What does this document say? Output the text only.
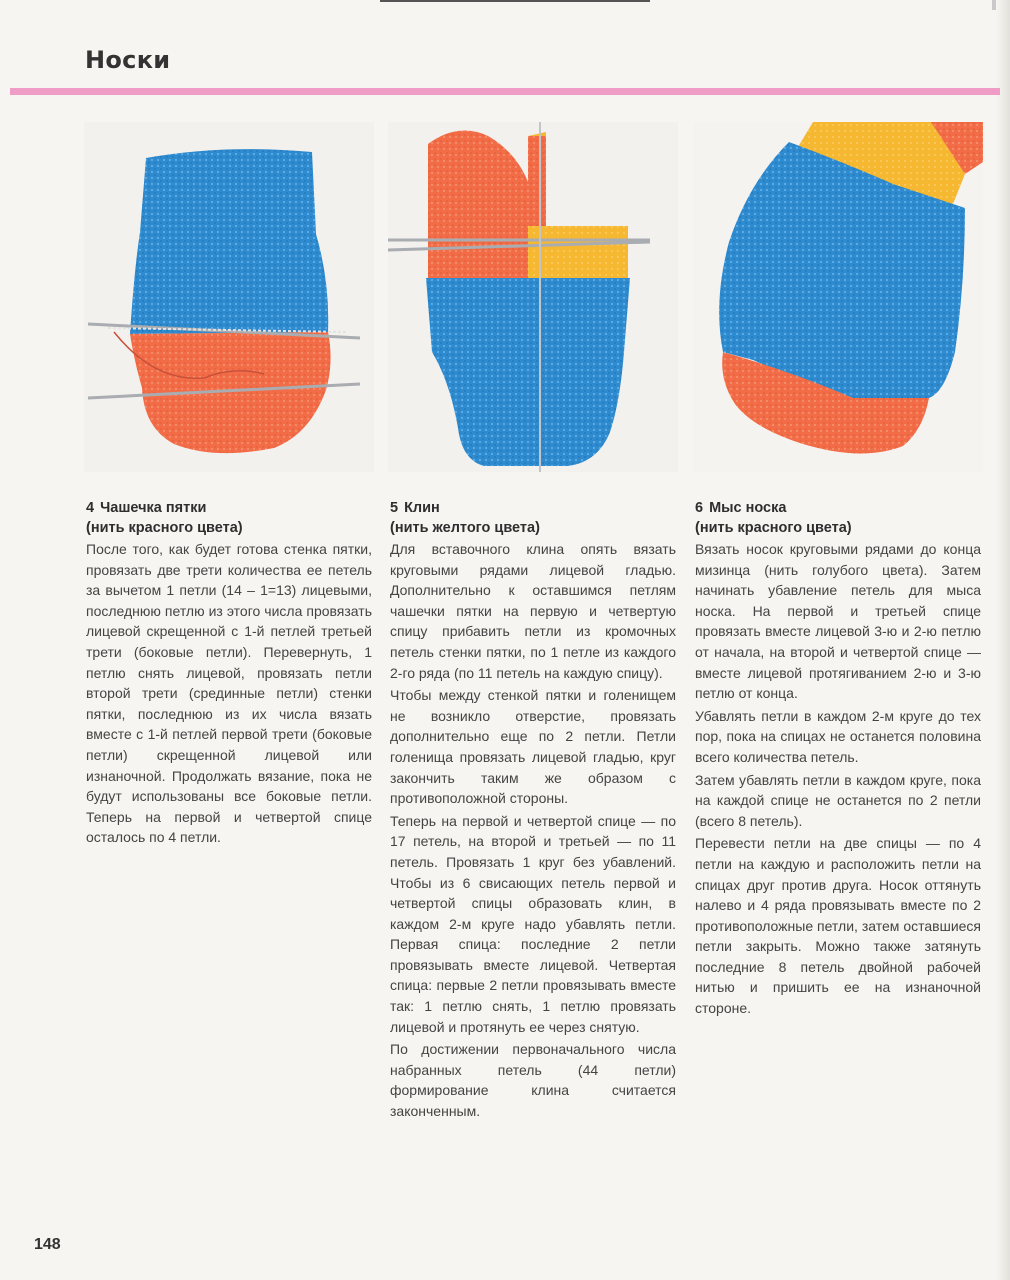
Носки
4 Чашечка пятки
(нить красного цвета)

После того, как будет готова стенка пятки, провязать две трети количества ее петель за вычетом 1 петли (14 – 1=13) лицевыми, последнюю петлю из этого числа провязать лицевой скрещенной с 1-й петлей третьей трети (боковые петли). Перевернуть, 1 петлю снять лицевой, провязать петли второй трети (срединные петли) стенки пятки, последнюю из их числа вязать вместе с 1-й петлей первой трети (боковые петли) скрещенной лицевой или изнаночной. Продолжать вязание, пока не будут использованы все боковые петли. Теперь на первой и четвертой спице осталось по 4 петли.

5 Клин
(нить желтого цвета)

Для вставочного клина опять вязать круговыми рядами лицевой гладью. Дополнительно к оставшимся петлям чашечки пятки на первую и четвертую спицу прибавить петли из кромочных петель стенки пятки, по 1 петле из каждого 2-го ряда (по 11 петель на каждую спицу).

Чтобы между стенкой пятки и голенищем не возникло отверстие, провязать дополнительно еще по 2 петли. Петли голенища провязать лицевой гладью, круг закончить таким же образом с противоположной стороны.

Теперь на первой и четвертой спице — по 17 петель, на второй и третьей — по 11 петель. Провязать 1 круг без убавлений. Чтобы из 6 свисающих петель первой и четвертой спицы образовать клин, в каждом 2-м круге надо убавлять петли. Первая спица: последние 2 петли провязывать вместе лицевой. Четвертая спица: первые 2 петли провязывать вместе так: 1 петлю снять, 1 петлю провязать лицевой и протянуть ее через снятую.

По достижении первоначального числа набранных петель (44 петли) формирование клина считается законченным.

6 Мыс носка
(нить красного цвета)

Вязать носок круговыми рядами до конца мизинца (нить голубого цвета). Затем начинать убавление петель для мыса носка. На первой и третьей спице провязать вместе лицевой 3-ю и 2-ю петлю от начала, на второй и четвертой спице — вместе лицевой протягиванием 2-ю и 3-ю петлю от конца.

Убавлять петли в каждом 2-м круге до тех пор, пока на спицах не останется половина всего количества петель.

Затем убавлять петли в каждом круге, пока на каждой спице не останется по 2 петли (всего 8 петель).

Перевести петли на две спицы — по 4 петли на каждую и расположить петли на спицах друг против друга. Носок оттянуть налево и 4 ряда провязывать вместе по 2 противоположные петли, затем оставшиеся петли закрыть. Можно также затянуть последние 8 петель двойной рабочей нитью и пришить ее на изнаночной стороне.

148
